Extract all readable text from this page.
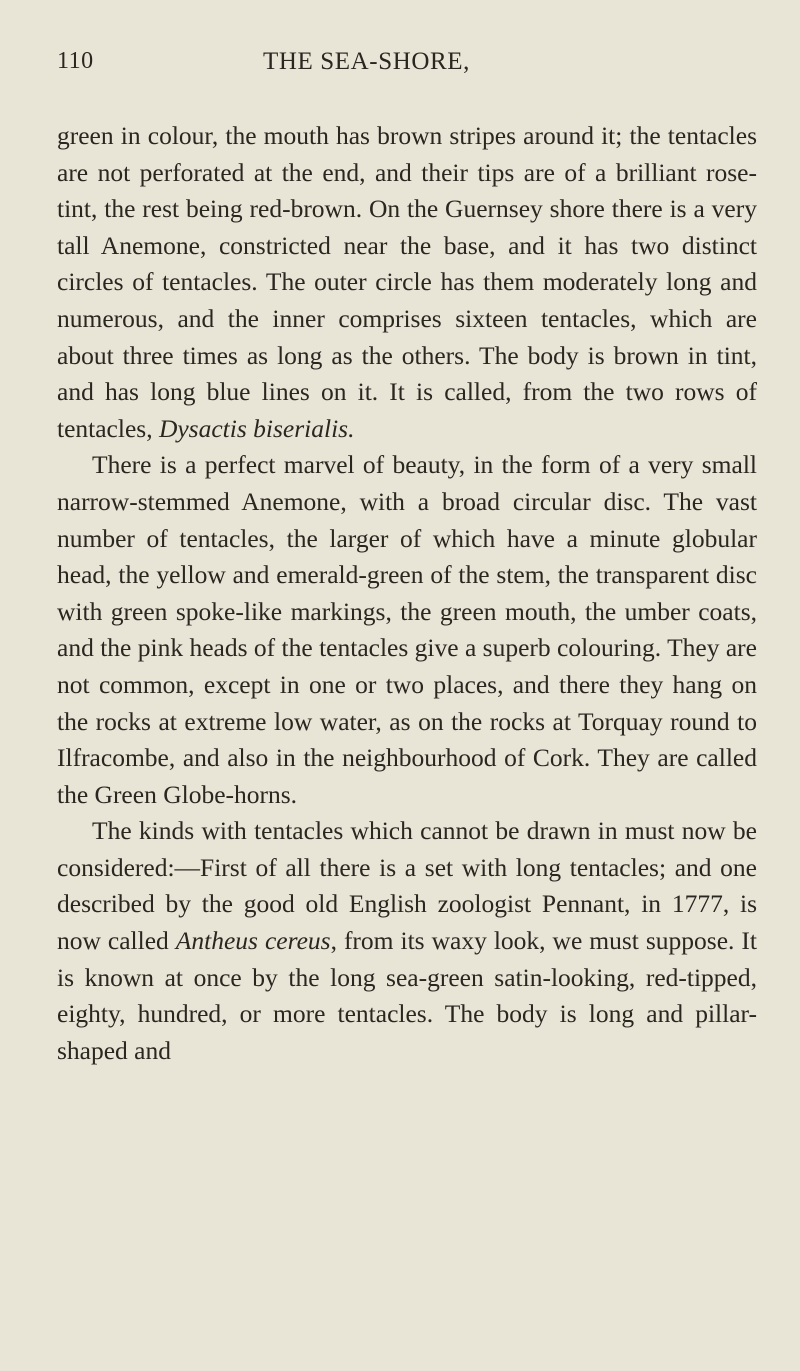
110	THE SEA-SHORE,

green in colour, the mouth has brown stripes around it; the tentacles are not perforated at the end, and their tips are of a brilliant rose-tint, the rest being red-brown. On the Guernsey shore there is a very tall Anemone, constricted near the base, and it has two distinct circles of tentacles. The outer circle has them moderately long and numerous, and the inner comprises sixteen tentacles, which are about three times as long as the others. The body is brown in tint, and has long blue lines on it. It is called, from the two rows of tentacles, Dysactis biserialis.

There is a perfect marvel of beauty, in the form of a very small narrow-stemmed Anemone, with a broad circular disc. The vast number of tentacles, the larger of which have a minute globular head, the yellow and emerald-green of the stem, the transparent disc with green spoke-like markings, the green mouth, the umber coats, and the pink heads of the tentacles give a superb colouring. They are not common, except in one or two places, and there they hang on the rocks at extreme low water, as on the rocks at Torquay round to Ilfracombe, and also in the neighbourhood of Cork. They are called the Green Globe-horns.

The kinds with tentacles which cannot be drawn in must now be considered:—First of all there is a set with long tentacles; and one described by the good old English zoologist Pennant, in 1777, is now called Antheus cereus, from its waxy look, we must suppose. It is known at once by the long sea-green satin-looking, red-tipped, eighty, hundred, or more tentacles. The body is long and pillar-shaped and
